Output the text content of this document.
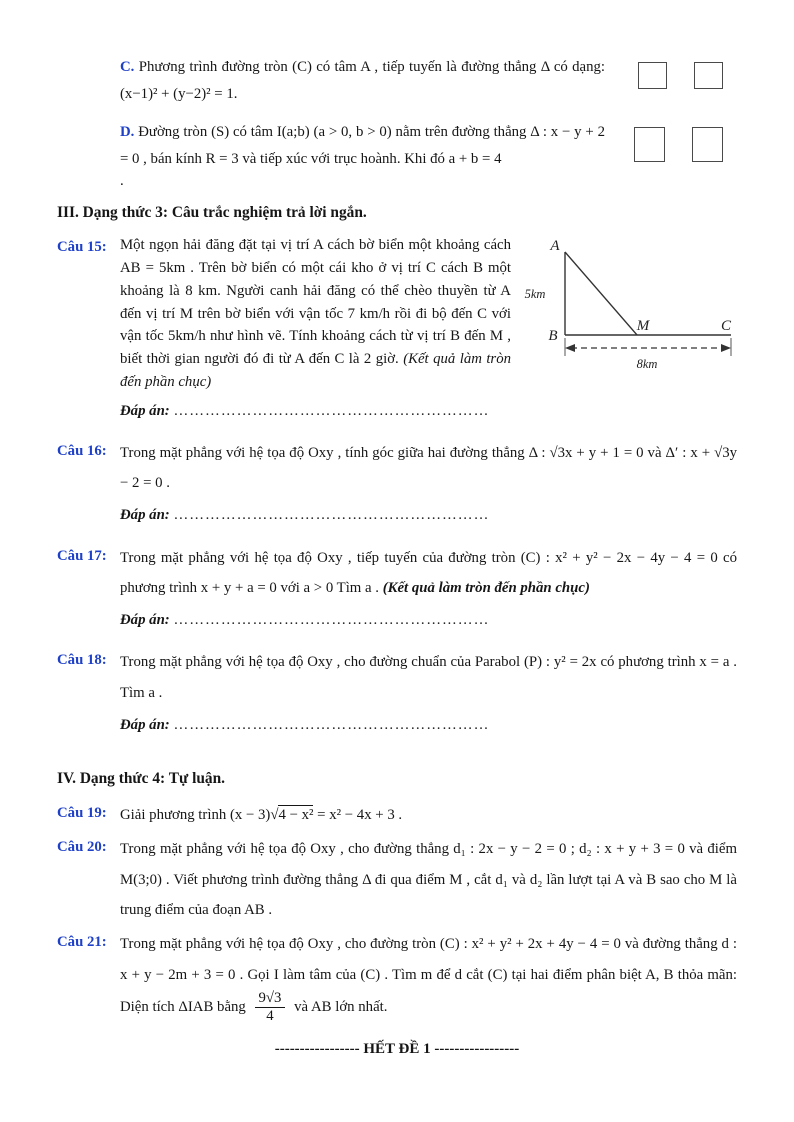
C. Phương trình đường tròn (C) có tâm A , tiếp tuyến là đường thẳng Δ có dạng: (x−1)² + (y−2)² = 1.

D. Đường tròn (S) có tâm I(a;b) (a > 0, b > 0) nằm trên đường thẳng Δ : x − y + 2 = 0 , bán kính R = 3 và tiếp xúc với trục hoành. Khi đó a + b = 4

.

III. Dạng thức 3: Câu trắc nghiệm trả lời ngắn.
Câu 15: Một ngọn hải đăng đặt tại vị trí A cách bờ biển một khoảng cách AB = 5km . Trên bờ biển có một cái kho ở vị trí C cách B một khoảng là 8 km. Người canh hải đăng có thể chèo thuyền từ A đến vị trí M trên bờ biển với vận tốc 7 km/h rồi đi bộ đến C với vận tốc 5km/h như hình vẽ. Tính khoảng cách từ vị trí B đến M , biết thời gian người đó đi từ A đến C là 2 giờ. (Kết quả làm tròn đến phần chục)

A
B
M	C
5km
8km

Đáp án: ……………………………………………………

Câu 16: Trong mặt phẳng với hệ tọa độ Oxy , tính góc giữa hai đường thẳng Δ : √3x + y + 1 = 0 và Δ′ : x + √3y − 2 = 0 .

Đáp án: ……………………………………………………

Câu 17: Trong mặt phẳng với hệ tọa độ Oxy , tiếp tuyến của đường tròn (C) : x² + y² − 2x − 4y − 4 = 0 có phương trình x + y + a = 0 với a > 0 Tìm a . (Kết quả làm tròn đến phần chục)

Đáp án: ……………………………………………………

Câu 18: Trong mặt phẳng với hệ tọa độ Oxy , cho đường chuẩn của Parabol (P) : y² = 2x có phương trình x = a . Tìm a .

Đáp án: ……………………………………………………

IV. Dạng thức 4: Tự luận.
Câu 19: Giải phương trình (x − 3)√4 − x² = x² − 4x + 3 .

Câu 20: Trong mặt phẳng với hệ tọa độ Oxy , cho đường thẳng d₁ : 2x − y − 2 = 0 ; d₂ : x + y + 3 = 0 và điểm M(3;0) . Viết phương trình đường thẳng Δ đi qua điểm M , cắt d₁ và d₂ lần lượt tại A và B sao cho M là trung điểm của đoạn AB .

Câu 21: Trong mặt phẳng với hệ tọa độ Oxy , cho đường tròn (C) : x² + y² + 2x + 4y − 4 = 0 và đường thẳng d : x + y − 2m + 3 = 0 . Gọi I làm tâm của (C) . Tìm m để d cắt (C) tại hai điểm phân biệt A, B thỏa mãn: Diện tích ΔIAB bằng $\frac{9√3}{4}$ và AB lớn nhất.

----------------- HẾT ĐỀ 1 -----------------
